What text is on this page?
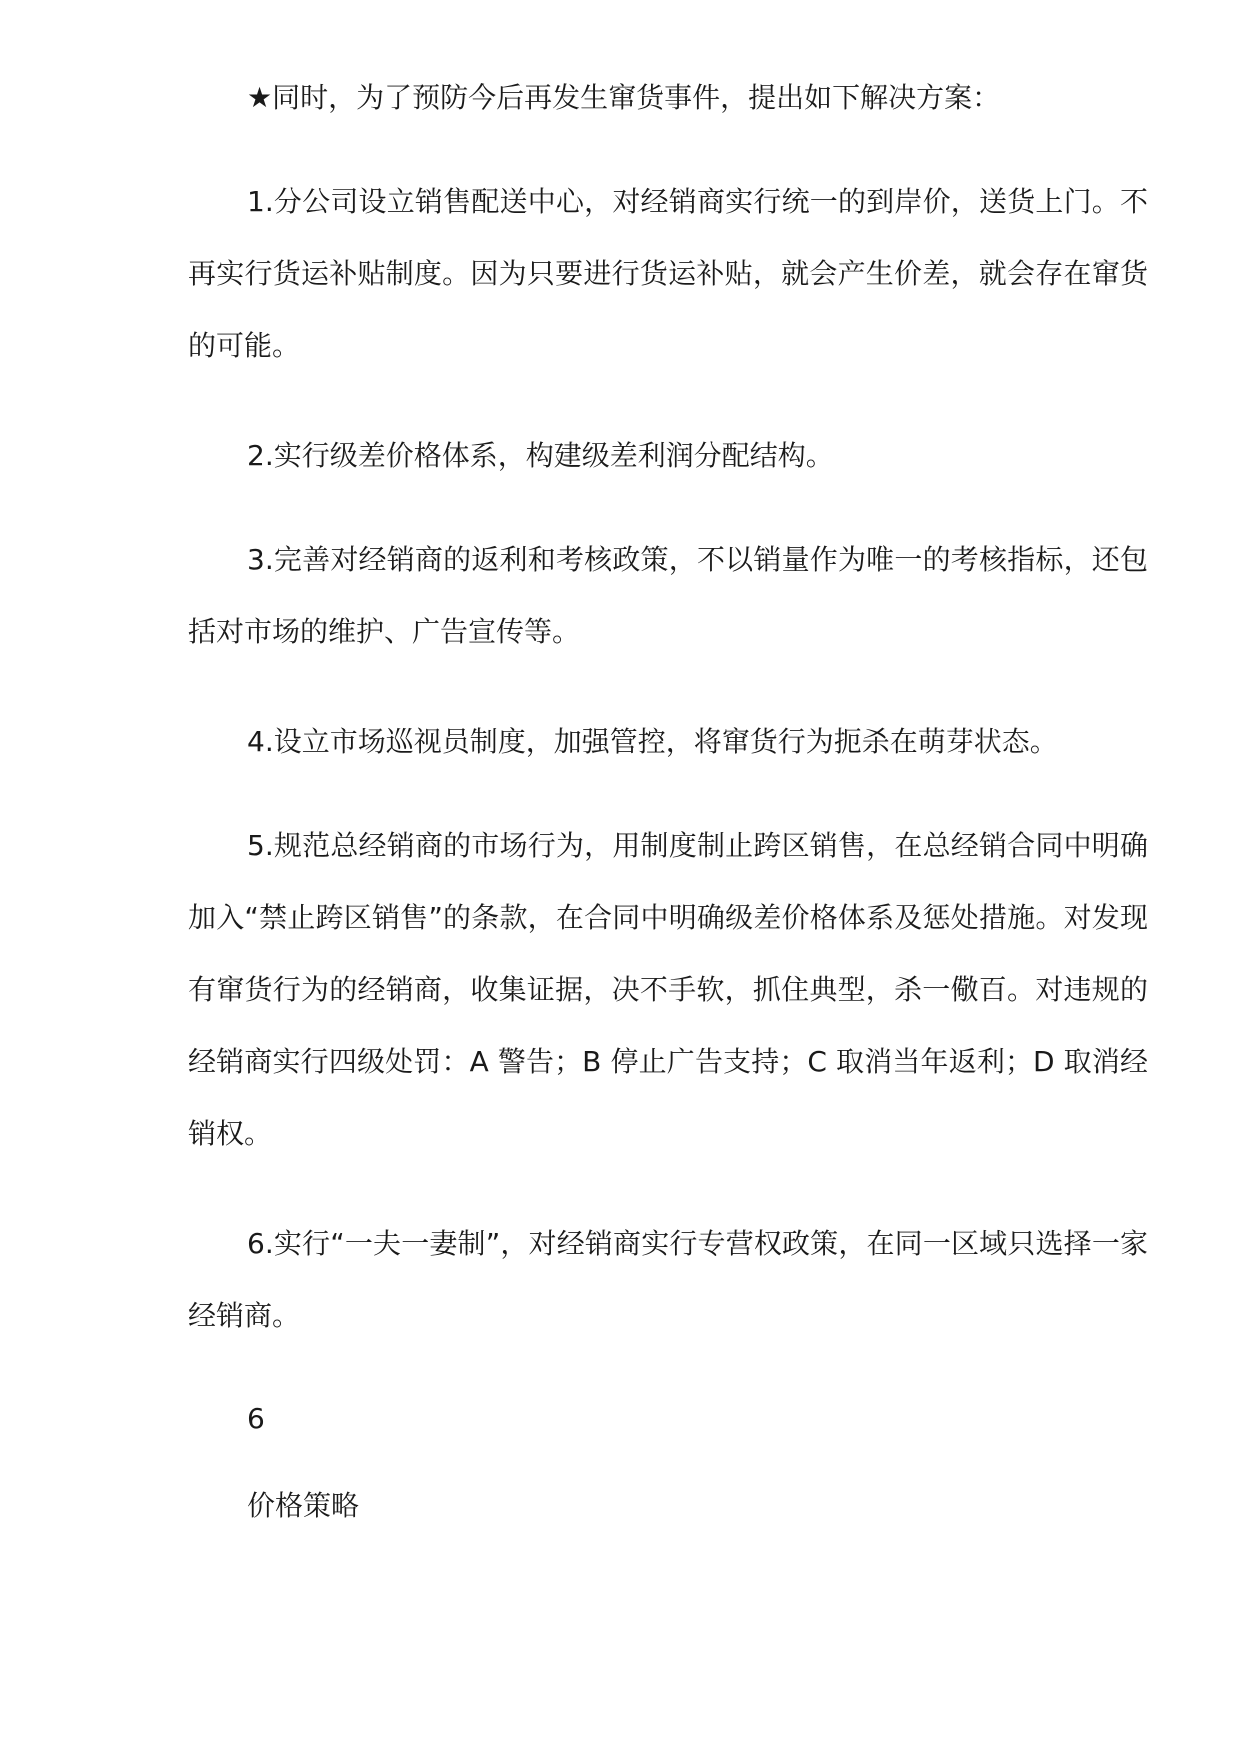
★同时，为了预防今后再发生窜货事件，提出如下解决方案：

1.分公司设立销售配送中心，对经销商实行统一的到岸价，送货上门。不再实行货运补贴制度。因为只要进行货运补贴，就会产生价差，就会存在窜货的可能。

2.实行级差价格体系，构建级差利润分配结构。

3.完善对经销商的返利和考核政策，不以销量作为唯一的考核指标，还包括对市场的维护、广告宣传等。

4.设立市场巡视员制度，加强管控，将窜货行为扼杀在萌芽状态。

5.规范总经销商的市场行为，用制度制止跨区销售，在总经销合同中明确加入“禁止跨区销售”的条款，在合同中明确级差价格体系及惩处措施。对发现有窜货行为的经销商，收集证据，决不手软，抓住典型，杀一儆百。对违规的经销商实行四级处罚：A 警告；B 停止广告支持；C 取消当年返利；D 取消经销权。

6.实行“一夫一妻制”，对经销商实行专营权政策，在同一区域只选择一家经销商。

6

价格策略
